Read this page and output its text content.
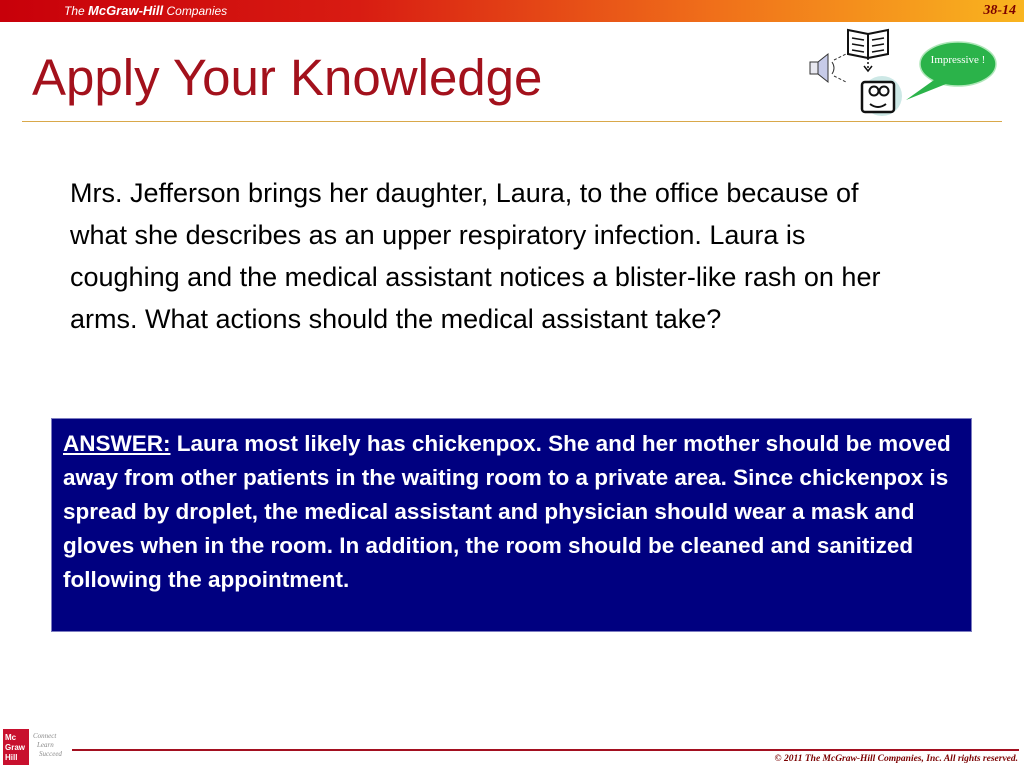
The McGraw-Hill Companies	38-14
Apply Your Knowledge	Impressive !
Mrs. Jefferson brings her daughter, Laura, to the office because of what she describes as an upper respiratory infection. Laura is coughing and the medical assistant notices a blister-like rash on her arms. What actions should the medical assistant take?
ANSWER: Laura most likely has chickenpox. She and her mother should be moved away from other patients in the waiting room to a private area. Since chickenpox is spread by droplet, the medical assistant and physician should wear a mask and gloves when in the room. In addition, the room should be cleaned and sanitized following the appointment.
Mc
Graw
Hill
Connect
Learn
Succeed	© 2011 The McGraw-Hill Companies, Inc. All rights reserved.
